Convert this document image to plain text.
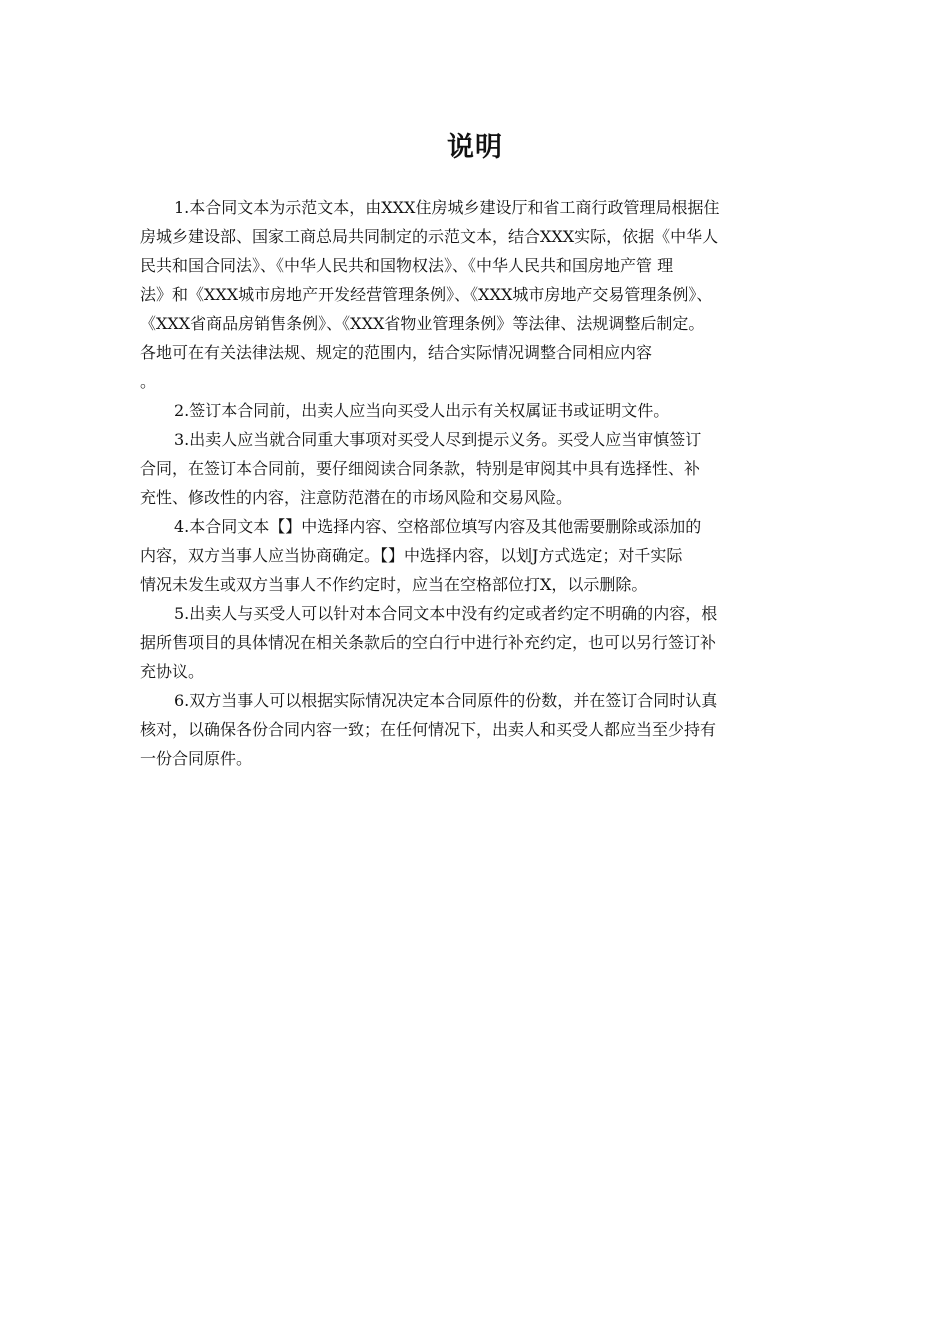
说明
1.本合同文本为示范文本，由XXX住房城乡建设厅和省工商行政管理局根据住
房城乡建设部、国家工商总局共同制定的示范文本，结合XXX实际，依据《中华人
民共和国合同法》、《中华人民共和国物权法》、《中华人民共和国房地产管 理
法》和《XXX城市房地产开发经营管理条例》、《XXX城市房地产交易管理条例》、
《XXX省商品房销售条例》、《XXX省物业管理条例》等法律、法规调整后制定。
各地可在有关法律法规、规定的范围内，结合实际情况调整合同相应内容
。
2.签订本合同前，出卖人应当向买受人出示有关权属证书或证明文件。
3.出卖人应当就合同重大事项对买受人尽到提示义务。买受人应当审慎签订
合同，在签订本合同前，要仔细阅读合同条款，特别是审阅其中具有选择性、补
充性、修改性的内容，注意防范潜在的市场风险和交易风险。
4.本合同文本【】中选择内容、空格部位填写内容及其他需要删除或添加的
内容，双方当事人应当协商确定。【】中选择内容，以划J方式选定；对千实际
情况未发生或双方当事人不作约定时，应当在空格部位打X，以示删除。
5.出卖人与买受人可以针对本合同文本中没有约定或者约定不明确的内容，根
据所售项目的具体情况在相关条款后的空白行中进行补充约定，也可以另行签订补
充协议。
6.双方当事人可以根据实际情况决定本合同原件的份数，并在签订合同时认真
核对，以确保各份合同内容一致；在任何情况下，出卖人和买受人都应当至少持有
一份合同原件。
